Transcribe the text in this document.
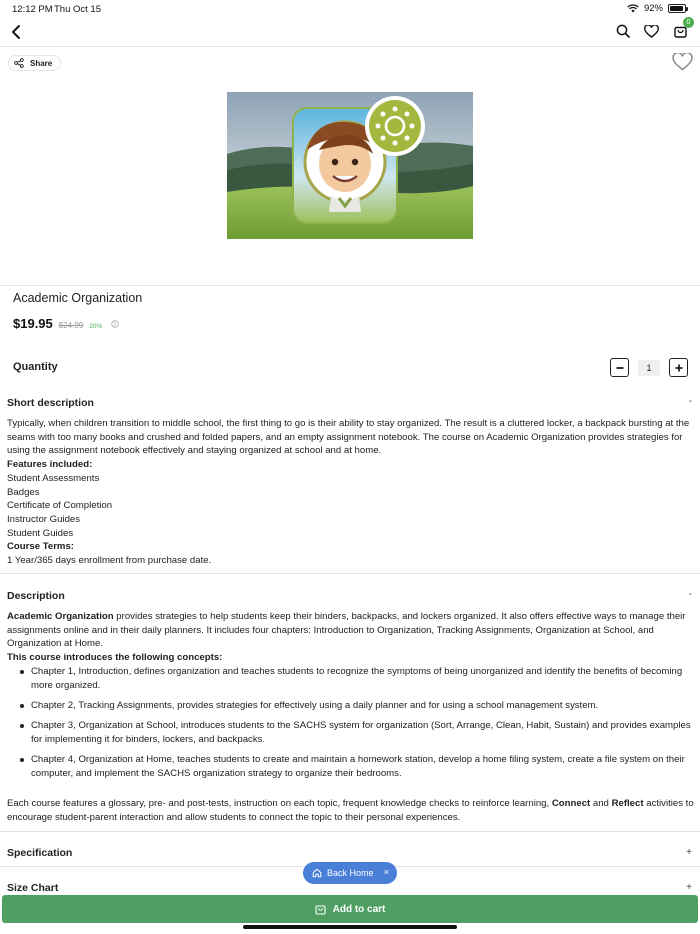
12:12 PM Thu Oct 15	92%
0
Share
Academic Organization
$19.95 $24.99 20%
Quantity	1
Short description	-
Typically, when children transition to middle school, the first thing to go is their ability to stay organized. The result is a cluttered locker, a backpack bursting at the seams with too many books and crushed and folded papers, and an empty assignment notebook. The course on Academic Organization provides strategies for using the assignment notebook effectively and staying organized at school and at home.
Features included:
Student Assessments
Badges
Certificate of Completion
Instructor Guides
Student Guides
Course Terms:
1 Year/365 days enrollment from purchase date.
Description	-
Academic Organization provides strategies to help students keep their binders, backpacks, and lockers organized. It also offers effective ways to manage their assignments online and in their daily planners. It includes four chapters: Introduction to Organization, Tracking Assignments, Organization at School, and Organization at Home.
This course introduces the following concepts:
Chapter 1, Introduction, defines organization and teaches students to recognize the symptoms of being unorganized and identify the benefits of becoming more organized.
Chapter 2, Tracking Assignments, provides strategies for effectively using a daily planner and for using a school management system.
Chapter 3, Organization at School, introduces students to the SACHS system for organization (Sort, Arrange, Clean, Habit, Sustain) and provides examples for implementing it for binders, lockers, and backpacks.
Chapter 4, Organization at Home, teaches students to create and maintain a homework station, develop a home filing system, create a file system on their computer, and implement the SACHS organization strategy to organize their bedrooms.
Each course features a glossary, pre- and post-tests, instruction on each topic, frequent knowledge checks to reinforce learning, Connect and Reflect activities to encourage student-parent interaction and allow students to connect the topic to their personal experiences.
Specification	+
Size Chart	+
Back Home ×
Add to cart
